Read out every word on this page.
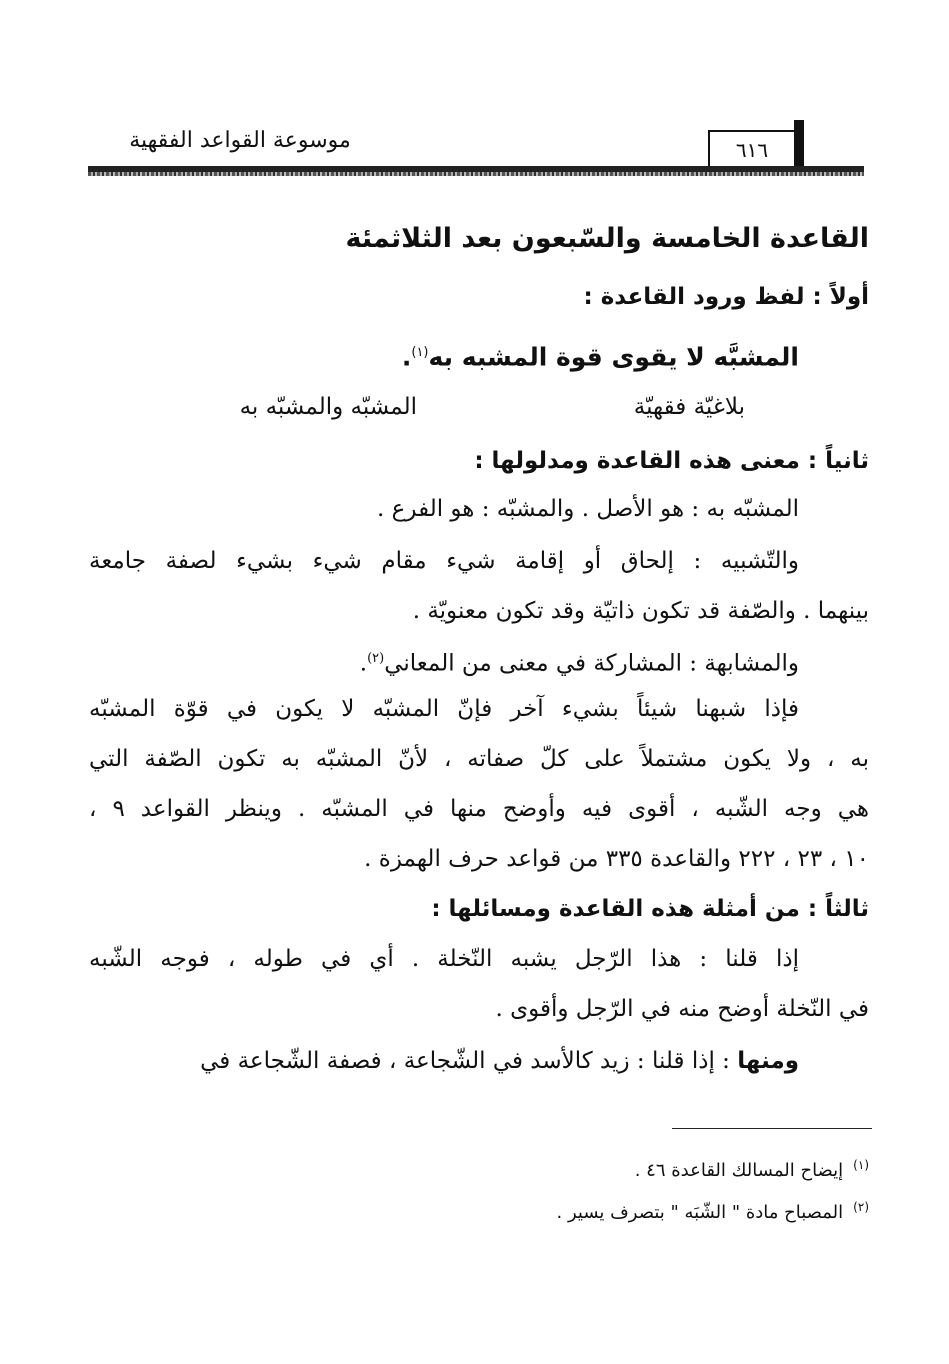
موسوعة القواعد الفقهية	٦١٦
القاعدة الخامسة والسّبعون بعد الثلاثمئة
أولاً : لفظ ورود القاعدة :
المشبَّه لا يقوى قوة المشبه به$^{(١)}$.
بلاغيّة فقهيّة
المشبّه والمشبّه به
ثانياً : معنى هذه القاعدة ومدلولها :
المشبّه به : هو الأصل . والمشبّه : هو الفرع .
والتّشبيه : إلحاق أو إقامة شيء مقام شيء بشيء لصفة جامعة
بينهما . والصّفة قد تكون ذاتيّة وقد تكون معنويّة .
والمشابهة : المشاركة في معنى من المعاني$^{(٢)}$.
فإذا شبهنا شيئاً بشيء آخر فإنّ المشبّه لا يكون في قوّة المشبّه
به ، ولا يكون مشتملاً على كلّ صفاته ، لأنّ المشبّه به تكون الصّفة التي
هي وجه الشّبه ، أقوى فيه وأوضح منها في المشبّه . وينظر القواعد ٩ ،
١٠ ، ٢٣ ، ٢٢٢ والقاعدة ٣٣٥ من قواعد حرف الهمزة .
ثالثاً : من أمثلة هذه القاعدة ومسائلها :
إذا قلنا : هذا الرّجل يشبه النّخلة . أي في طوله ، فوجه الشّبه
في النّخلة أوضح منه في الرّجل وأقوى .
ومنها : إذا قلنا : زيد كالأسد في الشّجاعة ، فصفة الشّجاعة في
$^{(١)}$إيضاح المسالك القاعدة ٤٦ .
$^{(٢)}$المصباح مادة " الشّبَه " بتصرف يسير .
